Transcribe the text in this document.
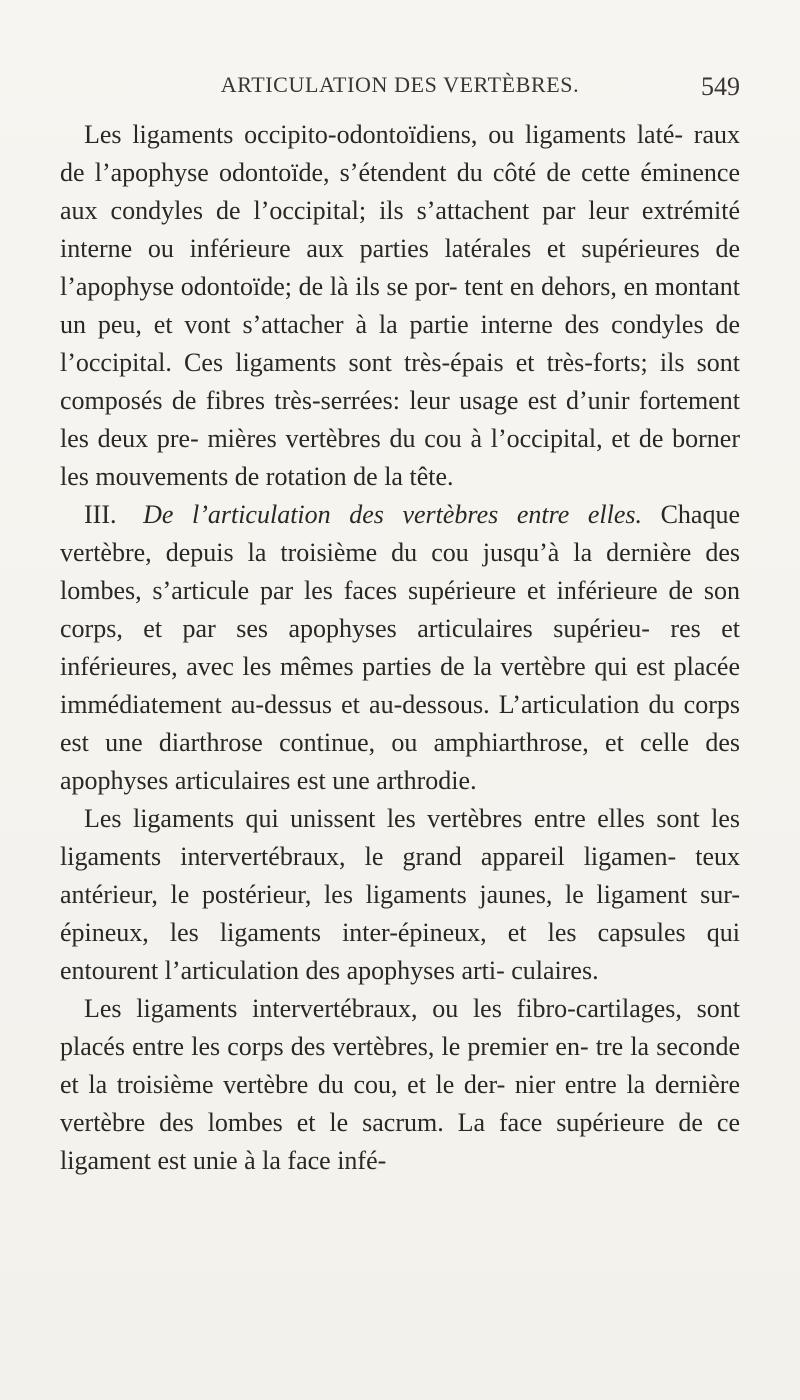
ARTICULATION DES VERTÈBRES.	549

Les ligaments occipito-odontoïdiens, ou ligaments laté- raux de l’apophyse odontoïde, s’étendent du côté de cette éminence aux condyles de l’occipital; ils s’attachent par leur extrémité interne ou inférieure aux parties latérales et supérieures de l’apophyse odontoïde; de là ils se por- tent en dehors, en montant un peu, et vont s’attacher à la partie interne des condyles de l’occipital. Ces ligaments sont très-épais et très-forts; ils sont composés de fibres très-serrées: leur usage est d’unir fortement les deux pre- mières vertèbres du cou à l’occipital, et de borner les mouvements de rotation de la tête.

III. De l’articulation des vertèbres entre elles. Chaque vertèbre, depuis la troisième du cou jusqu’à la dernière des lombes, s’articule par les faces supérieure et inférieure de son corps, et par ses apophyses articulaires supérieu- res et inférieures, avec les mêmes parties de la vertèbre qui est placée immédiatement au-dessus et au-dessous. L’articulation du corps est une diarthrose continue, ou amphiarthrose, et celle des apophyses articulaires est une arthrodie.

Les ligaments qui unissent les vertèbres entre elles sont les ligaments intervertébraux, le grand appareil ligamen- teux antérieur, le postérieur, les ligaments jaunes, le ligament sur-épineux, les ligaments inter-épineux, et les capsules qui entourent l’articulation des apophyses arti- culaires.

Les ligaments intervertébraux, ou les fibro-cartilages, sont placés entre les corps des vertèbres, le premier en- tre la seconde et la troisième vertèbre du cou, et le der- nier entre la dernière vertèbre des lombes et le sacrum. La face supérieure de ce ligament est unie à la face infé-
